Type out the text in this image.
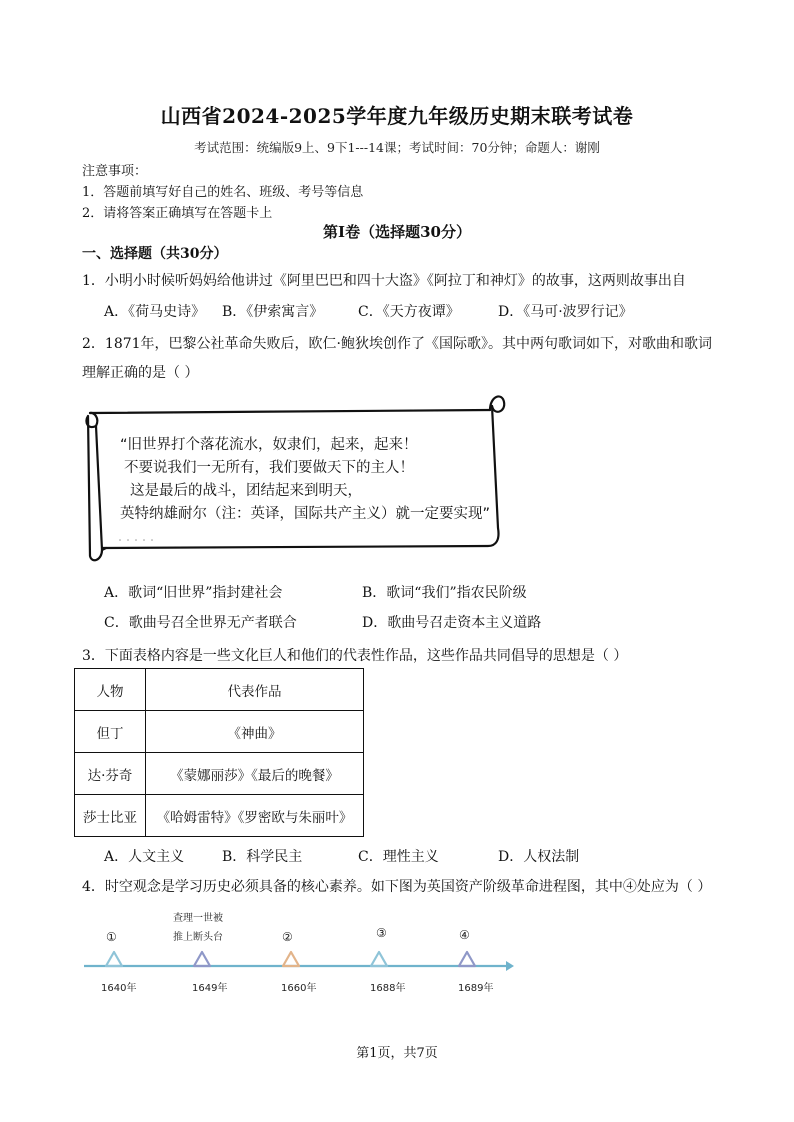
山西省2024-2025学年度九年级历史期末联考试卷
考试范围：统编版9上、9下1---14课；考试时间：70分钟；命题人：谢刚
注意事项：
1．答题前填写好自己的姓名、班级、考号等信息
2．请将答案正确填写在答题卡上
第I卷（选择题30分）
一、选择题（共30分）
1．小明小时候听妈妈给他讲过《阿里巴巴和四十大盗》《阿拉丁和神灯》的故事，这两则故事出自
A．《荷马史诗》 B．《伊索寓言》 C．《天方夜谭》	D．《马可·波罗行记》
2．1871年，巴黎公社革命失败后，欧仁·鲍狄埃创作了《国际歌》。其中两句歌词如下，对歌曲和歌词
理解正确的是（ ）
“旧世界打个落花流水，奴隶们，起来，起来！
不要说我们一无所有，我们要做天下的主人！
这是最后的战斗，团结起来到明天，
英特纳雄耐尔（注：英译，国际共产主义）就一定要实现”
A．歌词“旧世界”指封建社会	B．歌词“我们”指农民阶级
C．歌曲号召全世界无产者联合	D．歌曲号召走资本主义道路
3．下面表格内容是一些文化巨人和他们的代表性作品，这些作品共同倡导的思想是（ ）
人物	代表作品
但丁	《神曲》
达·芬奇	《蒙娜丽莎》《最后的晚餐》
莎士比亚	《哈姆雷特》《罗密欧与朱丽叶》
A．人文主义	B．科学民主	C．理性主义	D．人权法制
4．时空观念是学习历史必须具备的核心素养。如下图为英国资产阶级革命进程图，其中④处应为（ ）
查理一世被
推上断头台
①	②	③	④
1640年	1649年	1660年	1688年	1689年
第1页，共7页
